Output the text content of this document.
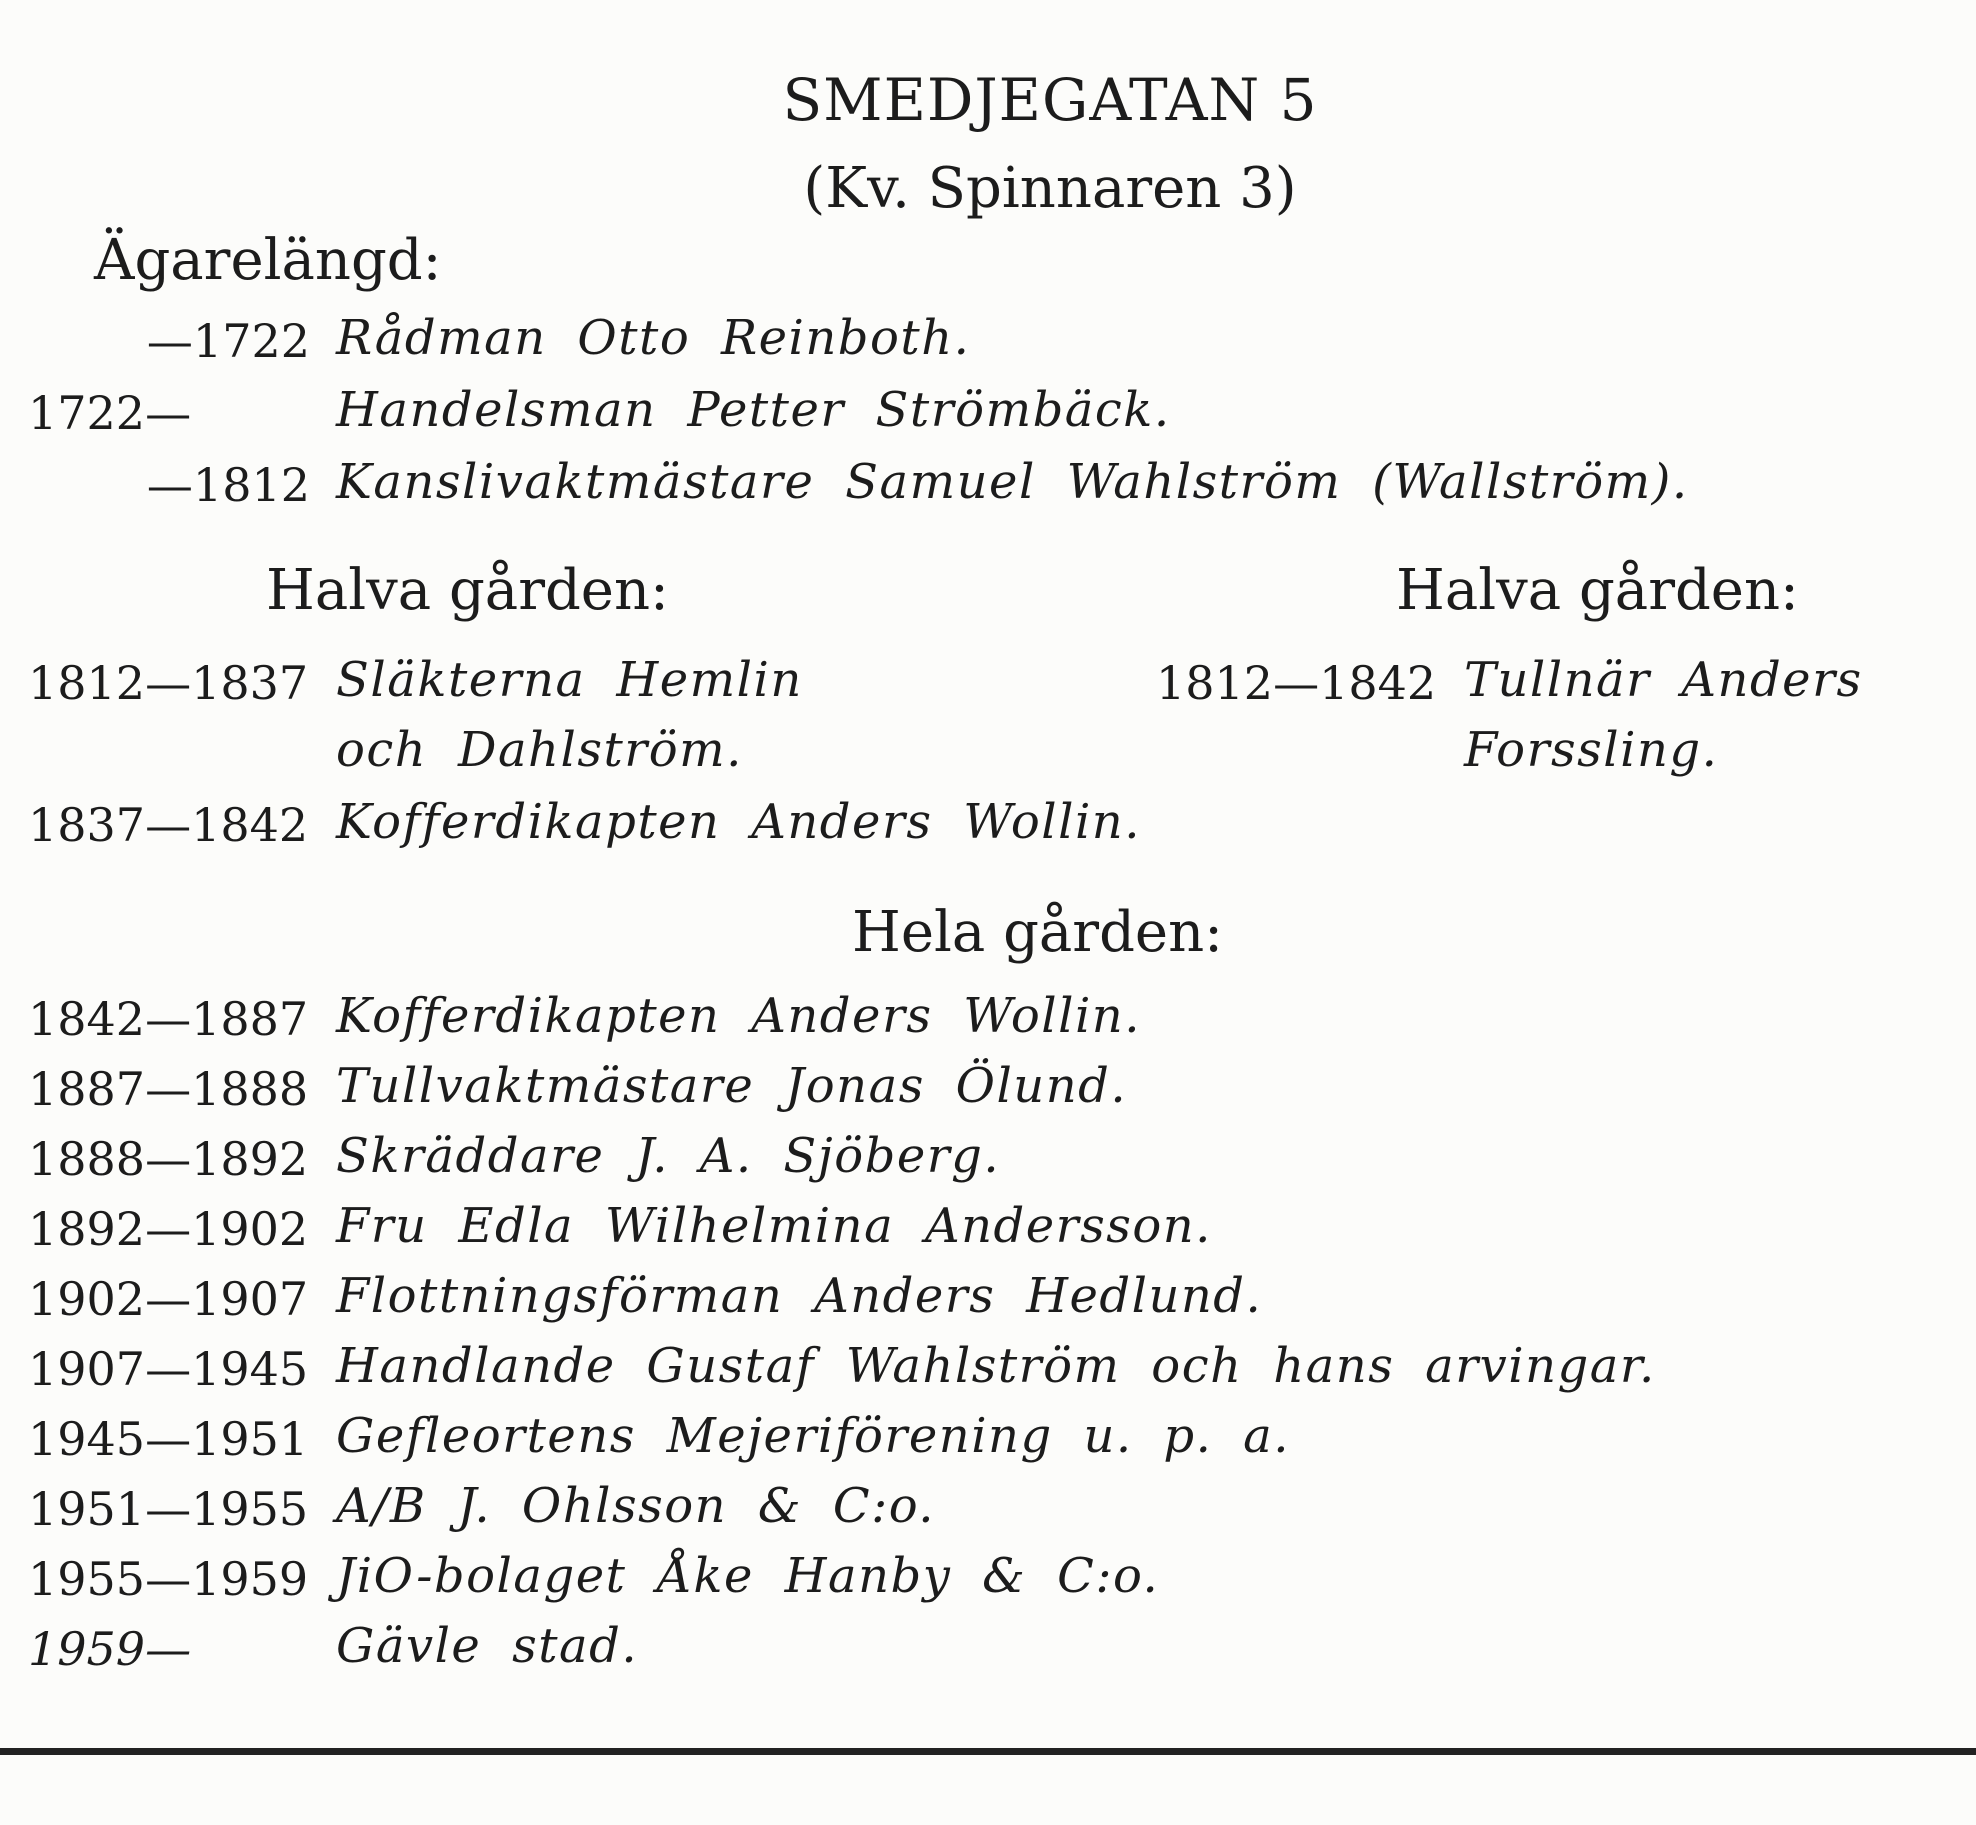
SMEDJEGATAN 5
(Kv. Spinnaren 3)
Ägarelängd:
—1722 Rådman Otto Reinboth.
1722—	Handelsman Petter Strömbäck.
—1812 Kanslivaktmästare Samuel Wahlström (Wallström).
Halva gården:	Halva gården:
1812—1837 Släkterna Hemlin	1812—1842 Tullnär Anders
och Dahlström.	Forssling.
1837—1842 Kofferdikapten Anders Wollin.
Hela gården:
1842—1887 Kofferdikapten Anders Wollin.
1887—1888 Tullvaktmästare Jonas Ölund.
1888—1892 Skräddare J. A. Sjöberg.
1892—1902 Fru Edla Wilhelmina Andersson.
1902—1907 Flottningsförman Anders Hedlund.
1907—1945 Handlande Gustaf Wahlström och hans arvingar.
1945—1951 Gefleortens Mejeriförening u. p. a.
1951—1955 A/B J. Ohlsson & C:o.
1955—1959 JiO-bolaget Åke Hanby & C:o.
1959—	Gävle stad.
